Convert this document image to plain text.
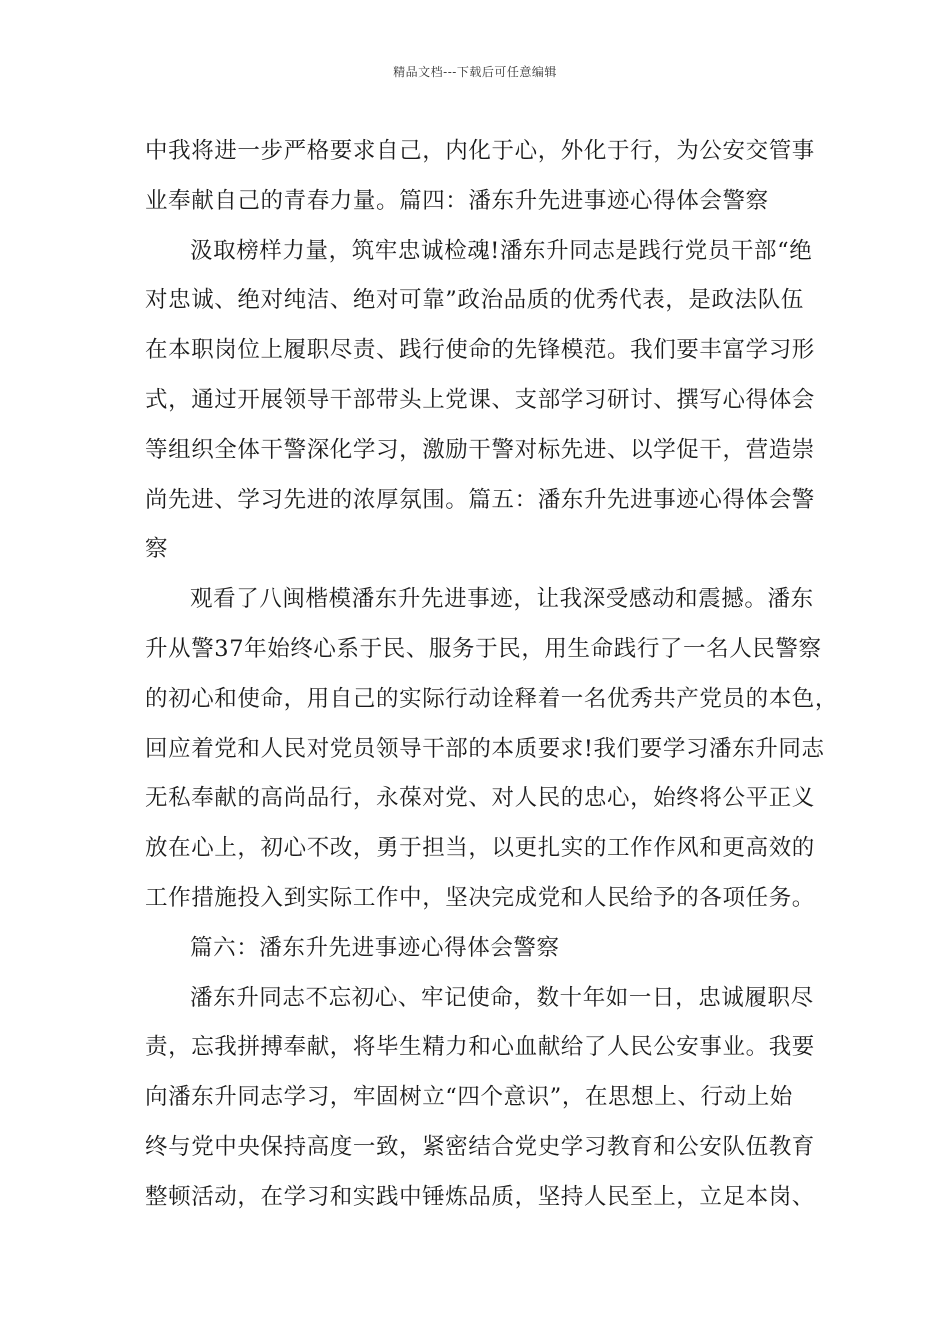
精品文档---下载后可任意编辑
中我将进一步严格要求自己，内化于心，外化于行，为公安交管事
业奉献自己的青春力量。篇四：潘东升先进事迹心得体会警察
汲取榜样力量，筑牢忠诚检魂!潘东升同志是践行党员干部“绝
对忠诚、绝对纯洁、绝对可靠”政治品质的优秀代表，是政法队伍
在本职岗位上履职尽责、践行使命的先锋模范。我们要丰富学习形
式，通过开展领导干部带头上党课、支部学习研讨、撰写心得体会
等组织全体干警深化学习，激励干警对标先进、以学促干，营造崇
尚先进、学习先进的浓厚氛围。篇五：潘东升先进事迹心得体会警
察
观看了八闽楷模潘东升先进事迹，让我深受感动和震撼。潘东
升从警37年始终心系于民、服务于民，用生命践行了一名人民警察
的初心和使命，用自己的实际行动诠释着一名优秀共产党员的本色，
回应着党和人民对党员领导干部的本质要求!我们要学习潘东升同志
无私奉献的高尚品行，永葆对党、对人民的忠心，始终将公平正义
放在心上，初心不改，勇于担当，以更扎实的工作作风和更高效的
工作措施投入到实际工作中，坚决完成党和人民给予的各项任务。
篇六：潘东升先进事迹心得体会警察
潘东升同志不忘初心、牢记使命，数十年如一日，忠诚履职尽
责，忘我拼搏奉献，将毕生精力和心血献给了人民公安事业。我要
向潘东升同志学习，牢固树立“四个意识”，在思想上、行动上始
终与党中央保持高度一致，紧密结合党史学习教育和公安队伍教育
整顿活动，在学习和实践中锤炼品质，坚持人民至上，立足本岗、
